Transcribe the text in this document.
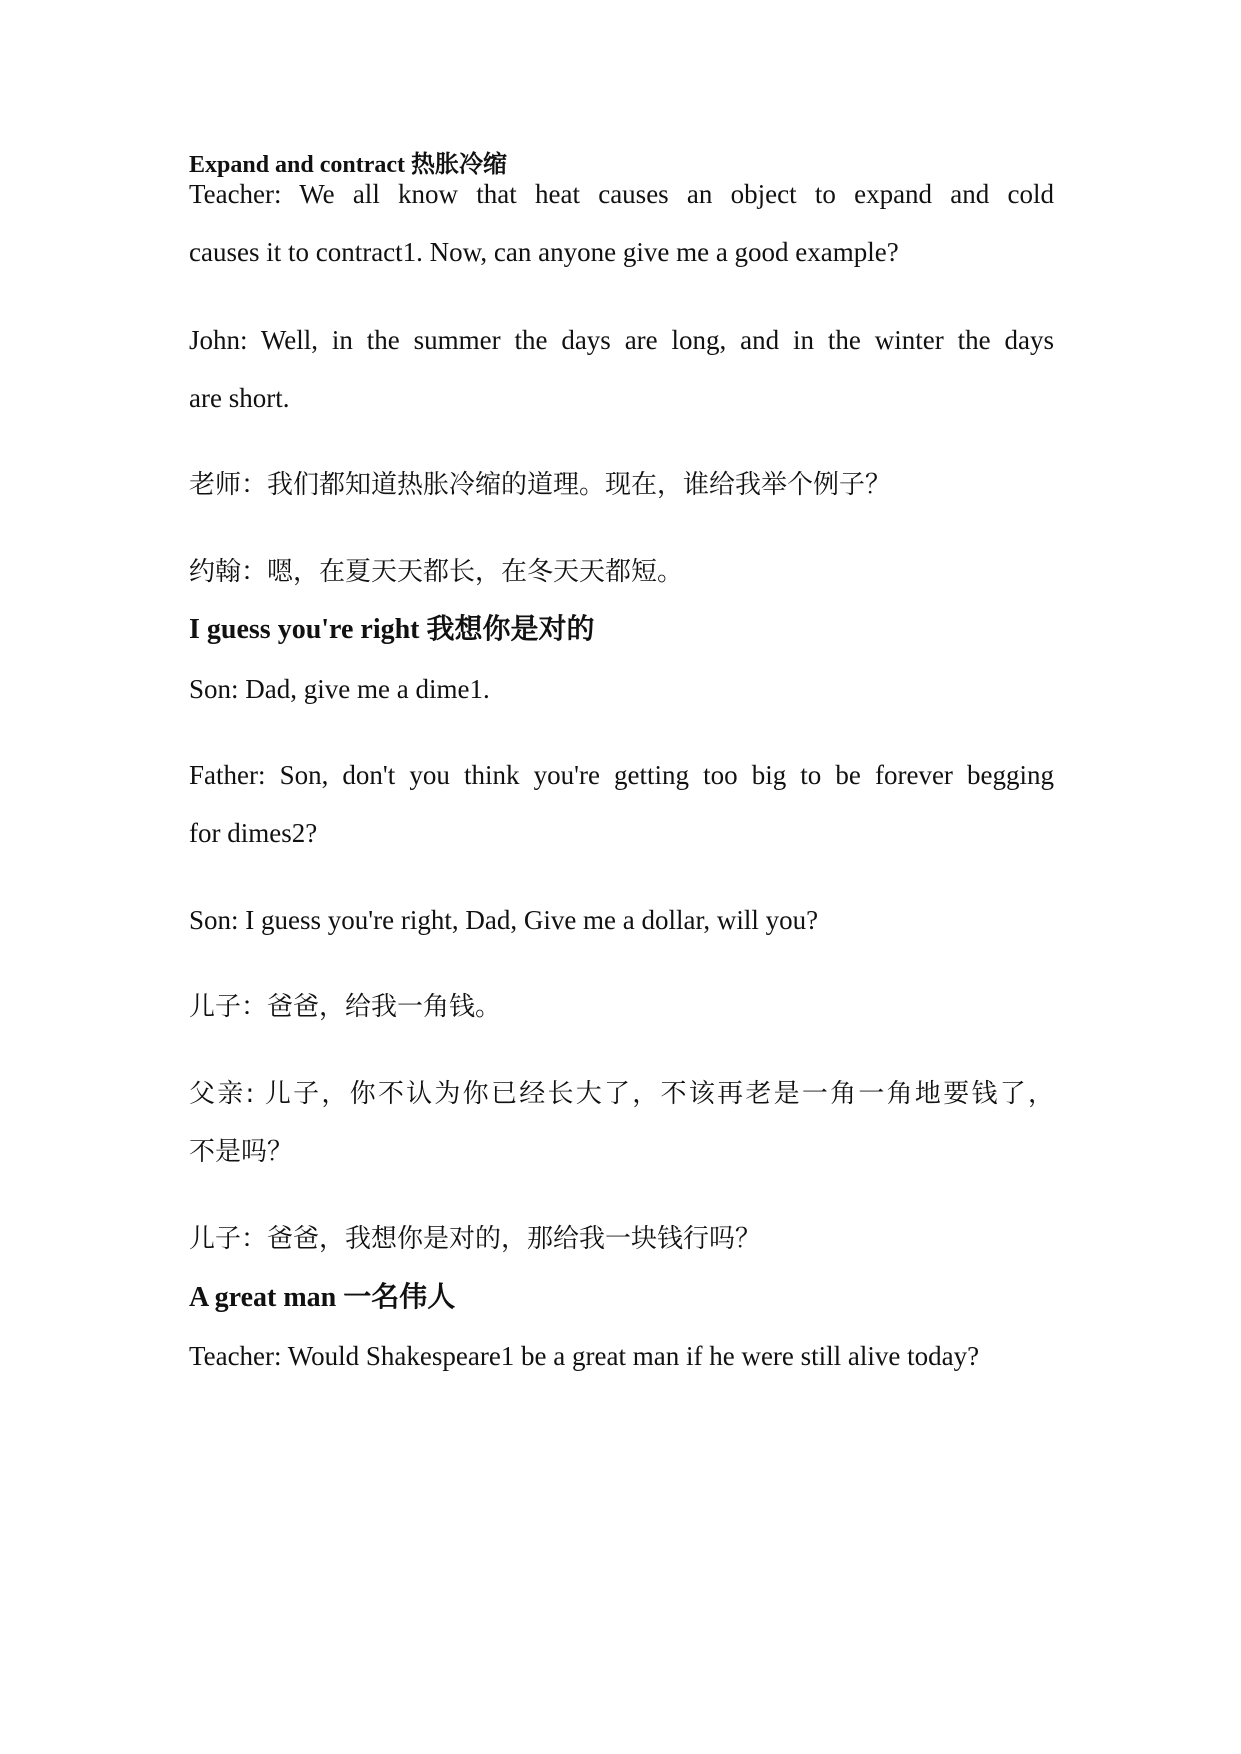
Expand and contract 热胀冷缩
Teacher: We all know that heat causes an object to expand and cold
causes it to contract1. Now, can anyone give me a good example?
John: Well, in the summer the days are long, and in the winter the days
are short.
老师：我们都知道热胀冷缩的道理。现在，谁给我举个例子？
约翰：嗯，在夏天天都长，在冬天天都短。
I guess you're right 我想你是对的
Son: Dad, give me a dime1.
Father: Son, don't you think you're getting too big to be forever begging
for dimes2?
Son: I guess you're right, Dad, Give me a dollar, will you?
儿子：爸爸，给我一角钱。
父亲: 儿子，你不认为你已经长大了，不该再老是一角一角地要钱了，
不是吗？
儿子：爸爸，我想你是对的，那给我一块钱行吗？
A great man 一名伟人
Teacher: Would Shakespeare1 be a great man if he were still alive today?
